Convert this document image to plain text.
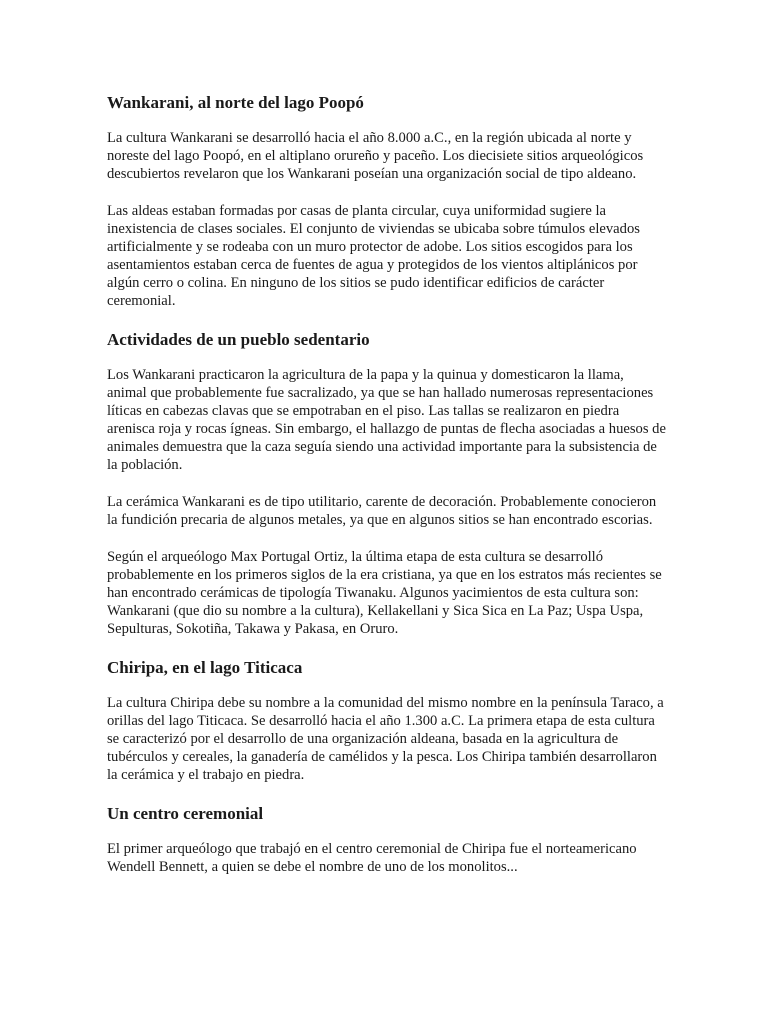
Wankarani, al norte del lago Poopó

La cultura Wankarani se desarrolló hacia el año 8.000 a.C., en la región ubicada al norte y noreste del lago Poopó, en el altiplano orureño y paceño. Los diecisiete sitios arqueológicos descubiertos revelaron que los Wankarani poseían una organización social de tipo aldeano.

Las aldeas estaban formadas por casas de planta circular, cuya uniformidad sugiere la inexistencia de clases sociales. El conjunto de viviendas se ubicaba sobre túmulos elevados artificialmente y se rodeaba con un muro protector de adobe. Los sitios escogidos para los asentamientos estaban cerca de fuentes de agua y protegidos de los vientos altiplánicos por algún cerro o colina. En ninguno de los sitios se pudo identificar edificios de carácter ceremonial.

Actividades de un pueblo sedentario

Los Wankarani practicaron la agricultura de la papa y la quinua y domesticaron la llama, animal que probablemente fue sacralizado, ya que se han hallado numerosas representaciones líticas en cabezas clavas que se empotraban en el piso. Las tallas se realizaron en piedra arenisca roja y rocas ígneas. Sin embargo, el hallazgo de puntas de flecha asociadas a huesos de animales demuestra que la caza seguía siendo una actividad importante para la subsistencia de la población.

La cerámica Wankarani es de tipo utilitario, carente de decoración. Probablemente conocieron la fundición precaria de algunos metales, ya que en algunos sitios se han encontrado escorias.

Según el arqueólogo Max Portugal Ortiz, la última etapa de esta cultura se desarrolló probablemente en los primeros siglos de la era cristiana, ya que en los estratos más recientes se han encontrado cerámicas de tipología Tiwanaku. Algunos yacimientos de esta cultura son: Wankarani (que dio su nombre a la cultura), Kellakellani y Sica Sica en La Paz; Uspa Uspa, Sepulturas, Sokotiña, Takawa y Pakasa, en Oruro.

Chiripa, en el lago Titicaca

La cultura Chiripa debe su nombre a la comunidad del mismo nombre en la península Taraco, a orillas del lago Titicaca. Se desarrolló hacia el año 1.300 a.C. La primera etapa de esta cultura se caracterizó por el desarrollo de una organización aldeana, basada en la agricultura de tubérculos y cereales, la ganadería de camélidos y la pesca. Los Chiripa también desarrollaron la cerámica y el trabajo en piedra.

Un centro ceremonial

El primer arqueólogo que trabajó en el centro ceremonial de Chiripa fue el norteamericano Wendell Bennett, a quien se debe el nombre de uno de los monolitos...
